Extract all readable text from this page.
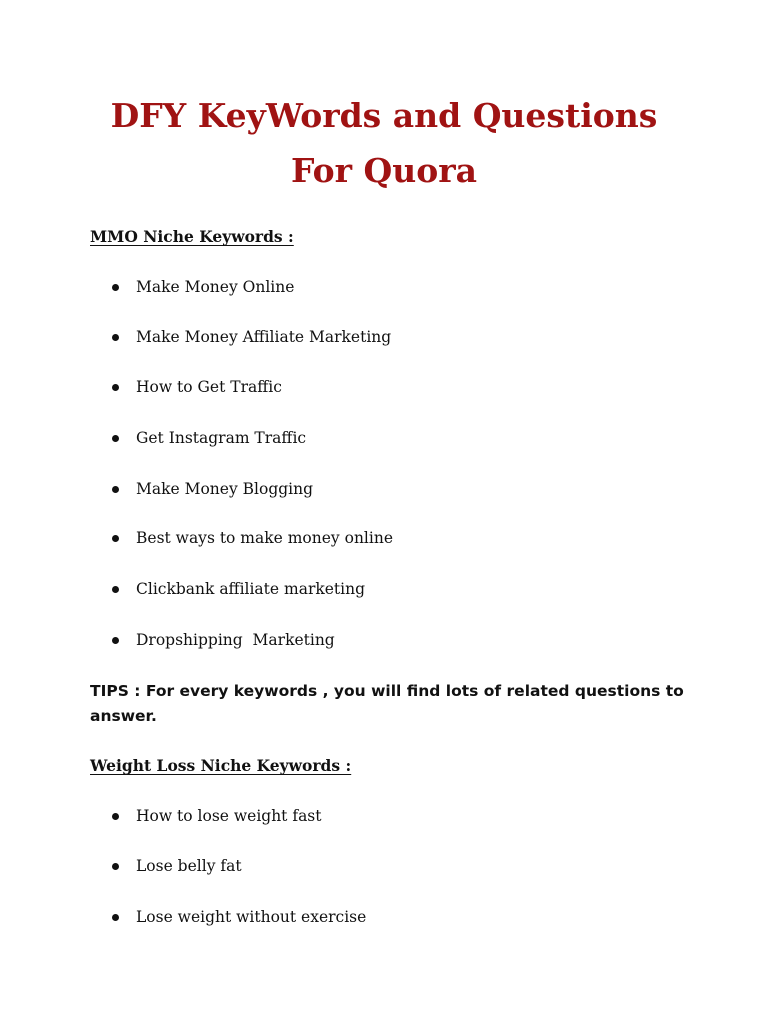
DFY KeyWords and Questions
For Quora
MMO Niche Keywords :

Make Money Online

Make Money Affiliate Marketing

How to Get Traffic

Get Instagram Traffic

Make Money Blogging

Best ways to make money online

Clickbank affiliate marketing

Dropshipping  Marketing

TIPS : For every keywords , you will find lots of related questions to answer.

Weight Loss Niche Keywords :

How to lose weight fast

Lose belly fat

Lose weight without exercise
